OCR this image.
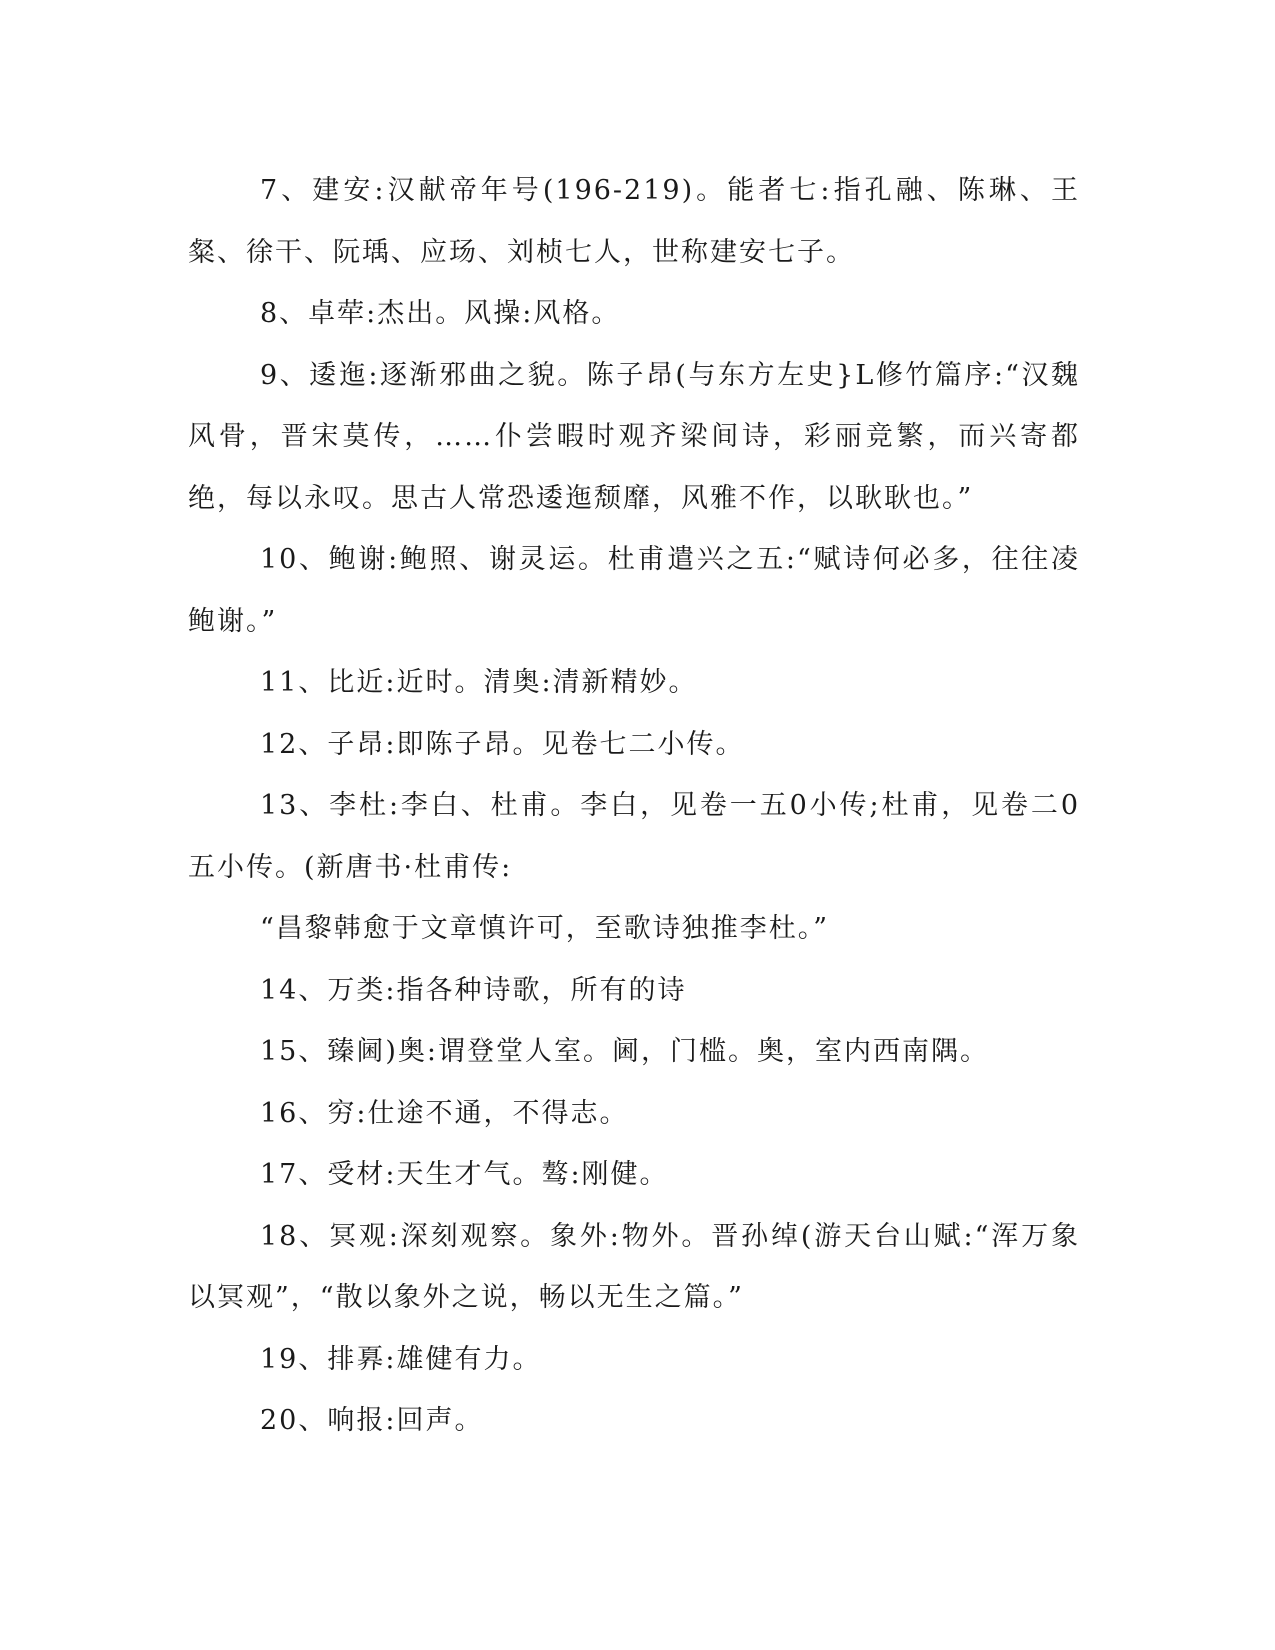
7、建安:汉献帝年号(196-219)。能者七:指孔融、陈琳、王粲、徐干、阮瑀、应玚、刘桢七人，世称建安七子。

8、卓荦:杰出。风操:风格。

9、逶迤:逐渐邪曲之貌。陈子昂(与东方左史}L修竹篇序:“汉魏风骨，晋宋莫传，……仆尝暇时观齐梁间诗，彩丽竞繁，而兴寄都绝，每以永叹。思古人常恐逶迤颓靡，风雅不作，以耿耿也。”

10、鲍谢:鲍照、谢灵运。杜甫遣兴之五:“赋诗何必多，往往凌鲍谢。”

11、比近:近时。清奥:清新精妙。

12、子昂:即陈子昂。见卷七二小传。

13、李杜:李白、杜甫。李白，见卷一五0小传;杜甫，见卷二0五小传。(新唐书·杜甫传:

“昌黎韩愈于文章慎许可，至歌诗独推李杜。”

14、万类:指各种诗歌，所有的诗

15、臻阃)奥:谓登堂人室。阃，门槛。奥，室内西南隅。

16、穷:仕途不通，不得志。

17、受材:天生才气。骜:刚健。

18、冥观:深刻观察。象外:物外。晋孙绰(游天台山赋:“浑万象以冥观”，“散以象外之说，畅以无生之篇。”

19、排奡:雄健有力。

20、响报:回声。
